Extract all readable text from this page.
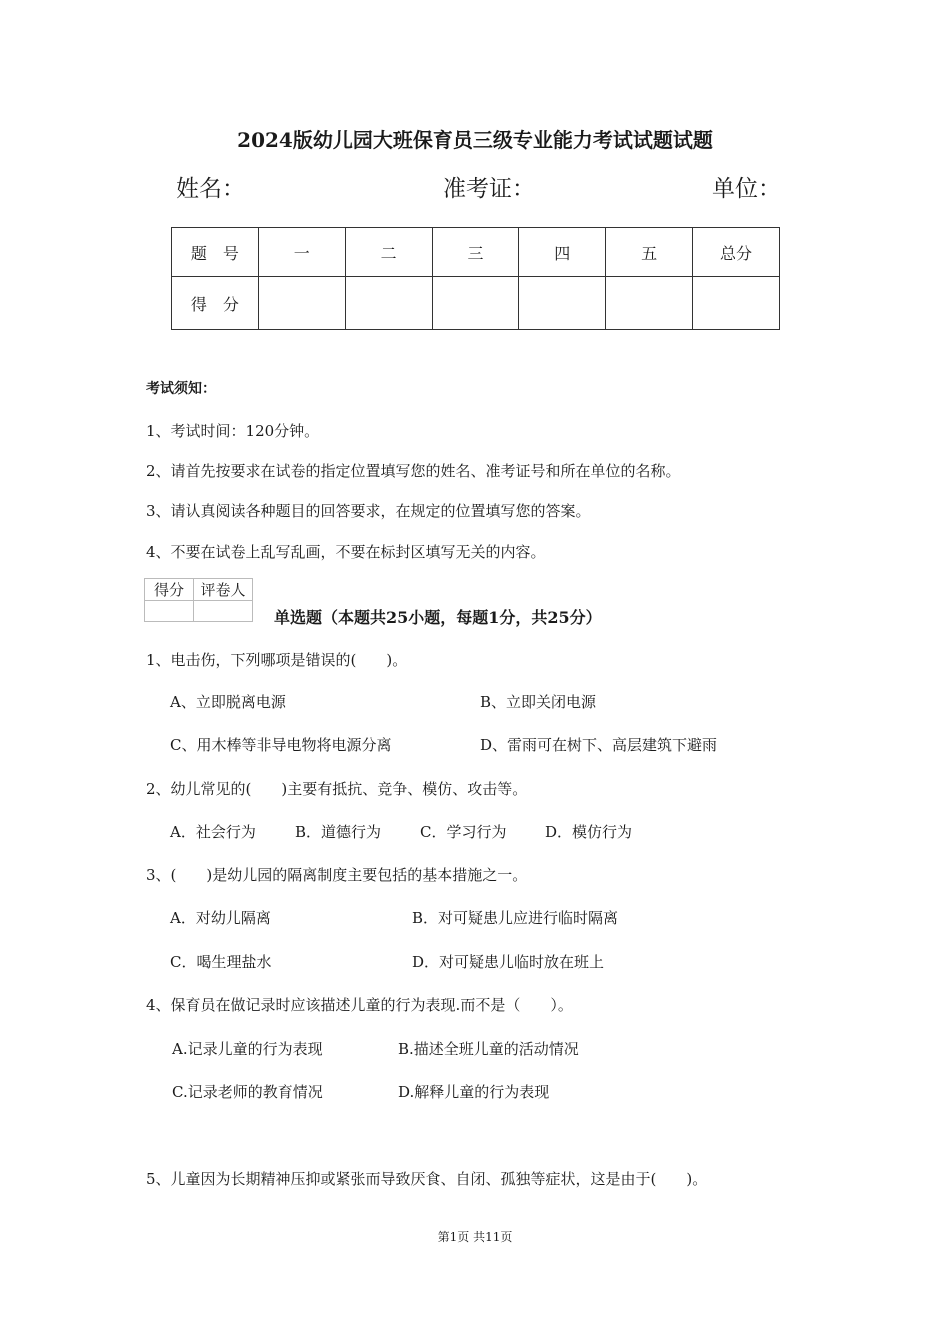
2024版幼儿园大班保育员三级专业能力考试试题试题
姓名：	准考证：	单位：
题　号	一	二	三	四	五	总分
得　分						
考试须知：
1、考试时间：120分钟。
2、请首先按要求在试卷的指定位置填写您的姓名、准考证号和所在单位的名称。
3、请认真阅读各种题目的回答要求，在规定的位置填写您的答案。
4、不要在试卷上乱写乱画，不要在标封区填写无关的内容。
得分	评卷人

单选题（本题共25小题，每题1分，共25分）
1、电击伤，下列哪项是错误的(　　)。
A、立即脱离电源	B、立即关闭电源
C、用木棒等非导电物将电源分离	D、雷雨可在树下、高层建筑下避雨
2、幼儿常见的(　　)主要有抵抗、竞争、模仿、攻击等。
A．社会行为	B．道德行为	C．学习行为	D．模仿行为
3、(　　)是幼儿园的隔离制度主要包括的基本措施之一。
A．对幼儿隔离	B．对可疑患儿应进行临时隔离
C．喝生理盐水	D．对可疑患儿临时放在班上
4、保育员在做记录时应该描述儿童的行为表现.而不是（　　）。
A.记录儿童的行为表现	B.描述全班儿童的活动情况
C.记录老师的教育情况	D.解释儿童的行为表现
5、儿童因为长期精神压抑或紧张而导致厌食、自闭、孤独等症状，这是由于(　　)。
第1页 共11页
